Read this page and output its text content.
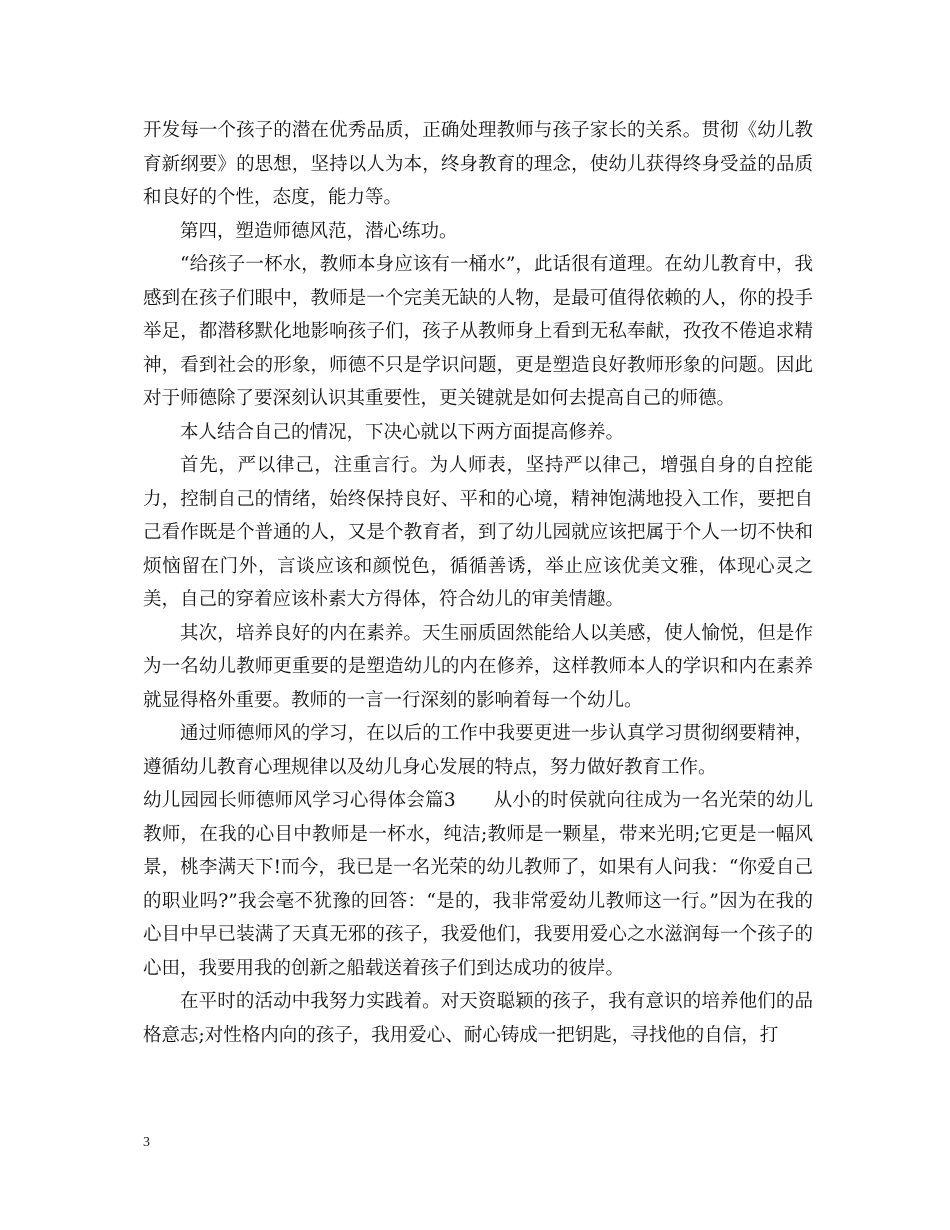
开发每一个孩子的潜在优秀品质，正确处理教师与孩子家长的关系。贯彻《幼儿教育新纲要》的思想，坚持以人为本，终身教育的理念，使幼儿获得终身受益的品质和良好的个性，态度，能力等。

第四，塑造师德风范，潜心练功。

“给孩子一杯水，教师本身应该有一桶水”，此话很有道理。在幼儿教育中，我感到在孩子们眼中，教师是一个完美无缺的人物，是最可值得依赖的人，你的投手举足，都潜移默化地影响孩子们，孩子从教师身上看到无私奉献，孜孜不倦追求精神，看到社会的形象，师德不只是学识问题，更是塑造良好教师形象的问题。因此对于师德除了要深刻认识其重要性，更关键就是如何去提高自己的师德。

本人结合自己的情况，下决心就以下两方面提高修养。

首先，严以律己，注重言行。为人师表，坚持严以律己，增强自身的自控能力，控制自己的情绪，始终保持良好、平和的心境，精神饱满地投入工作，要把自己看作既是个普通的人，又是个教育者，到了幼儿园就应该把属于个人一切不快和烦恼留在门外，言谈应该和颜悦色，循循善诱，举止应该优美文雅，体现心灵之美，自己的穿着应该朴素大方得体，符合幼儿的审美情趣。

其次，培养良好的内在素养。天生丽质固然能给人以美感，使人愉悦，但是作为一名幼儿教师更重要的是塑造幼儿的内在修养，这样教师本人的学识和内在素养就显得格外重要。教师的一言一行深刻的影响着每一个幼儿。

通过师德师风的学习，在以后的工作中我要更进一步认真学习贯彻纲要精神，遵循幼儿教育心理规律以及幼儿身心发展的特点，努力做好教育工作。

幼儿园园长师德师风学习心得体会篇3　　从小的时侯就向往成为一名光荣的幼儿教师，在我的心目中教师是一杯水，纯洁;教师是一颗星，带来光明;它更是一幅风景，桃李满天下!而今，我已是一名光荣的幼儿教师了，如果有人问我：“你爱自己的职业吗?”我会毫不犹豫的回答：“是的，我非常爱幼儿教师这一行。”因为在我的心目中早已装满了天真无邪的孩子，我爱他们，我要用爱心之水滋润每一个孩子的心田，我要用我的创新之船载送着孩子们到达成功的彼岸。

在平时的活动中我努力实践着。对天资聪颖的孩子，我有意识的培养他们的品格意志;对性格内向的孩子，我用爱心、耐心铸成一把钥匙，寻找他的自信，打

3
